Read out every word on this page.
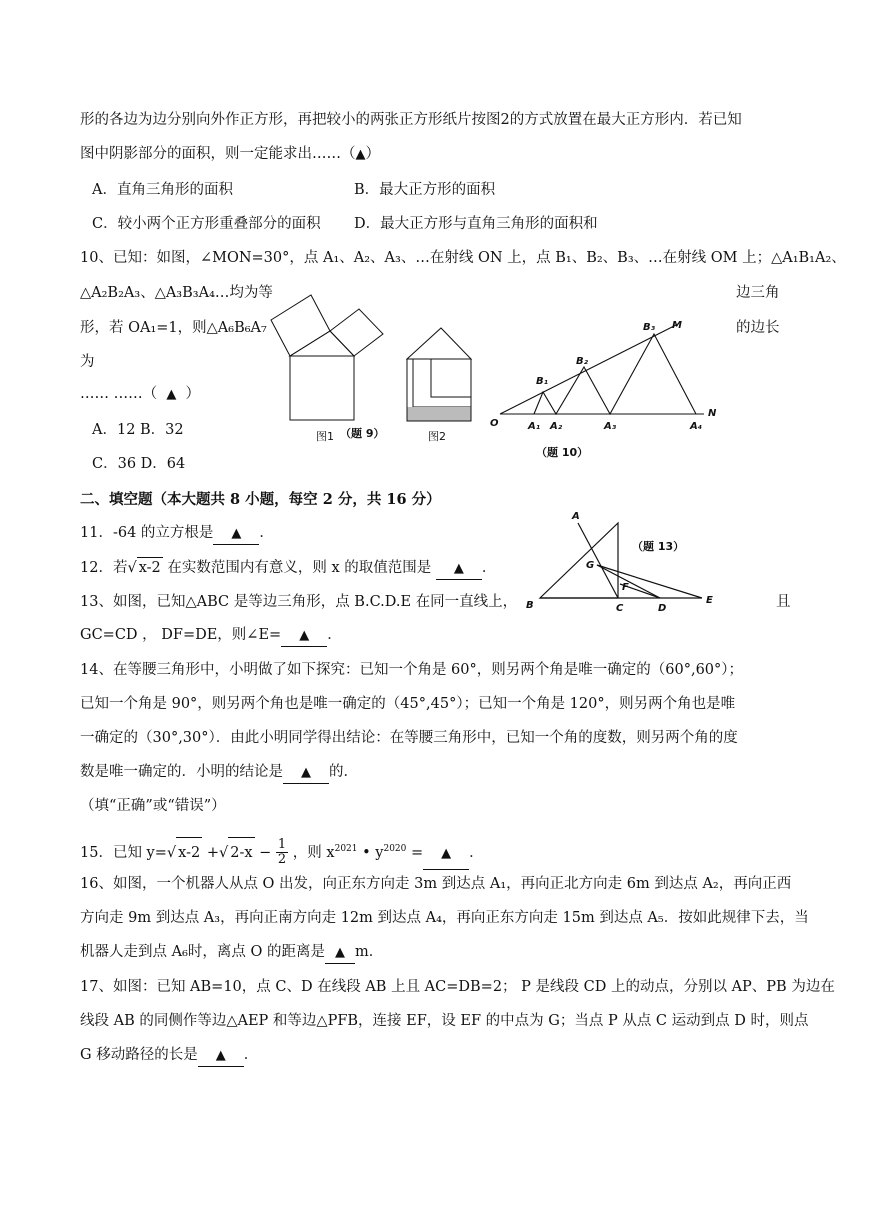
形的各边为边分别向外作正方形，再把较小的两张正方形纸片按图2的方式放置在最大正方形内．若已知
图中阴影部分的面积，则一定能求出……（▲）
A．直角三角形的面积	B．最大正方形的面积
C．较小两个正方形重叠部分的面积 D．最大正方形与直角三角形的面积和
10、已知：如图，∠MON=30°，点 A₁、A₂、A₃、…在射线 ON 上，点 B₁、B₂、B₃、…在射线 OM 上；△A₁B₁A₂、
△A₂B₂A₃、△A₃B₃A₄…均为等	边三角
形，若 OA₁=1，则△A₆B₆A₇	的边长
为
…… ……（ ▲ ）
A．12 B．32
C．36 D．64
图1 （题 9）	图2
O	A₁ A₂	A₃	A₄
N
B₁
B₂
B₃ M
（题 10）
二、填空题（本大题共 8 小题，每空 2 分，共 16 分）
11．-64 的立方根是 ▲ ．
12．若√ x-2 在实数范围内有意义，则 x 的取值范围是 ▲ ．
13、如图，已知△ABC 是等边三角形，点 B.C.D.E 在同一直线上，	且
GC=CD ， DF=DE，则∠E= ▲ ．
A
G
F
B	C	D
E
（题 13）
14、在等腰三角形中，小明做了如下探究：已知一个角是 60°，则另两个角是唯一确定的（60°,60°）；
已知一个角是 90°，则另两个角也是唯一确定的（45°,45°）；已知一个角是 120°，则另两个角也是唯
一确定的（30°,30°）．由此小明同学得出结论：在等腰三角形中，已知一个角的度数，则另两个角的度
数是唯一确定的．小明的结论是 ▲ 的．
（填“正确”或“错误”）
15．已知 y=√ x-2 +√ $2-x - \frac{1}{2}$ ，则 $x^{2021}$ • $y^{2020}$ = ▲ ．
16、如图，一个机器人从点 O 出发，向正东方向走 3m 到达点 A₁，再向正北方向走 6m 到达点 A₂，再向正西
方向走 9m 到达点 A₃，再向正南方向走 12m 到达点 A₄，再向正东方向走 15m 到达点 A₅．按如此规律下去，当
机器人走到点 A₆时，离点 O 的距离是 ▲ m．
17、如图：已知 AB=10，点 C、D 在线段 AB 上且 AC=DB=2； P 是线段 CD 上的动点，分别以 AP、PB 为边在
线段 AB 的同侧作等边△AEP 和等边△PFB，连接 EF，设 EF 的中点为 G；当点 P 从点 C 运动到点 D 时，则点
G 移动路径的长是 ▲ ．
